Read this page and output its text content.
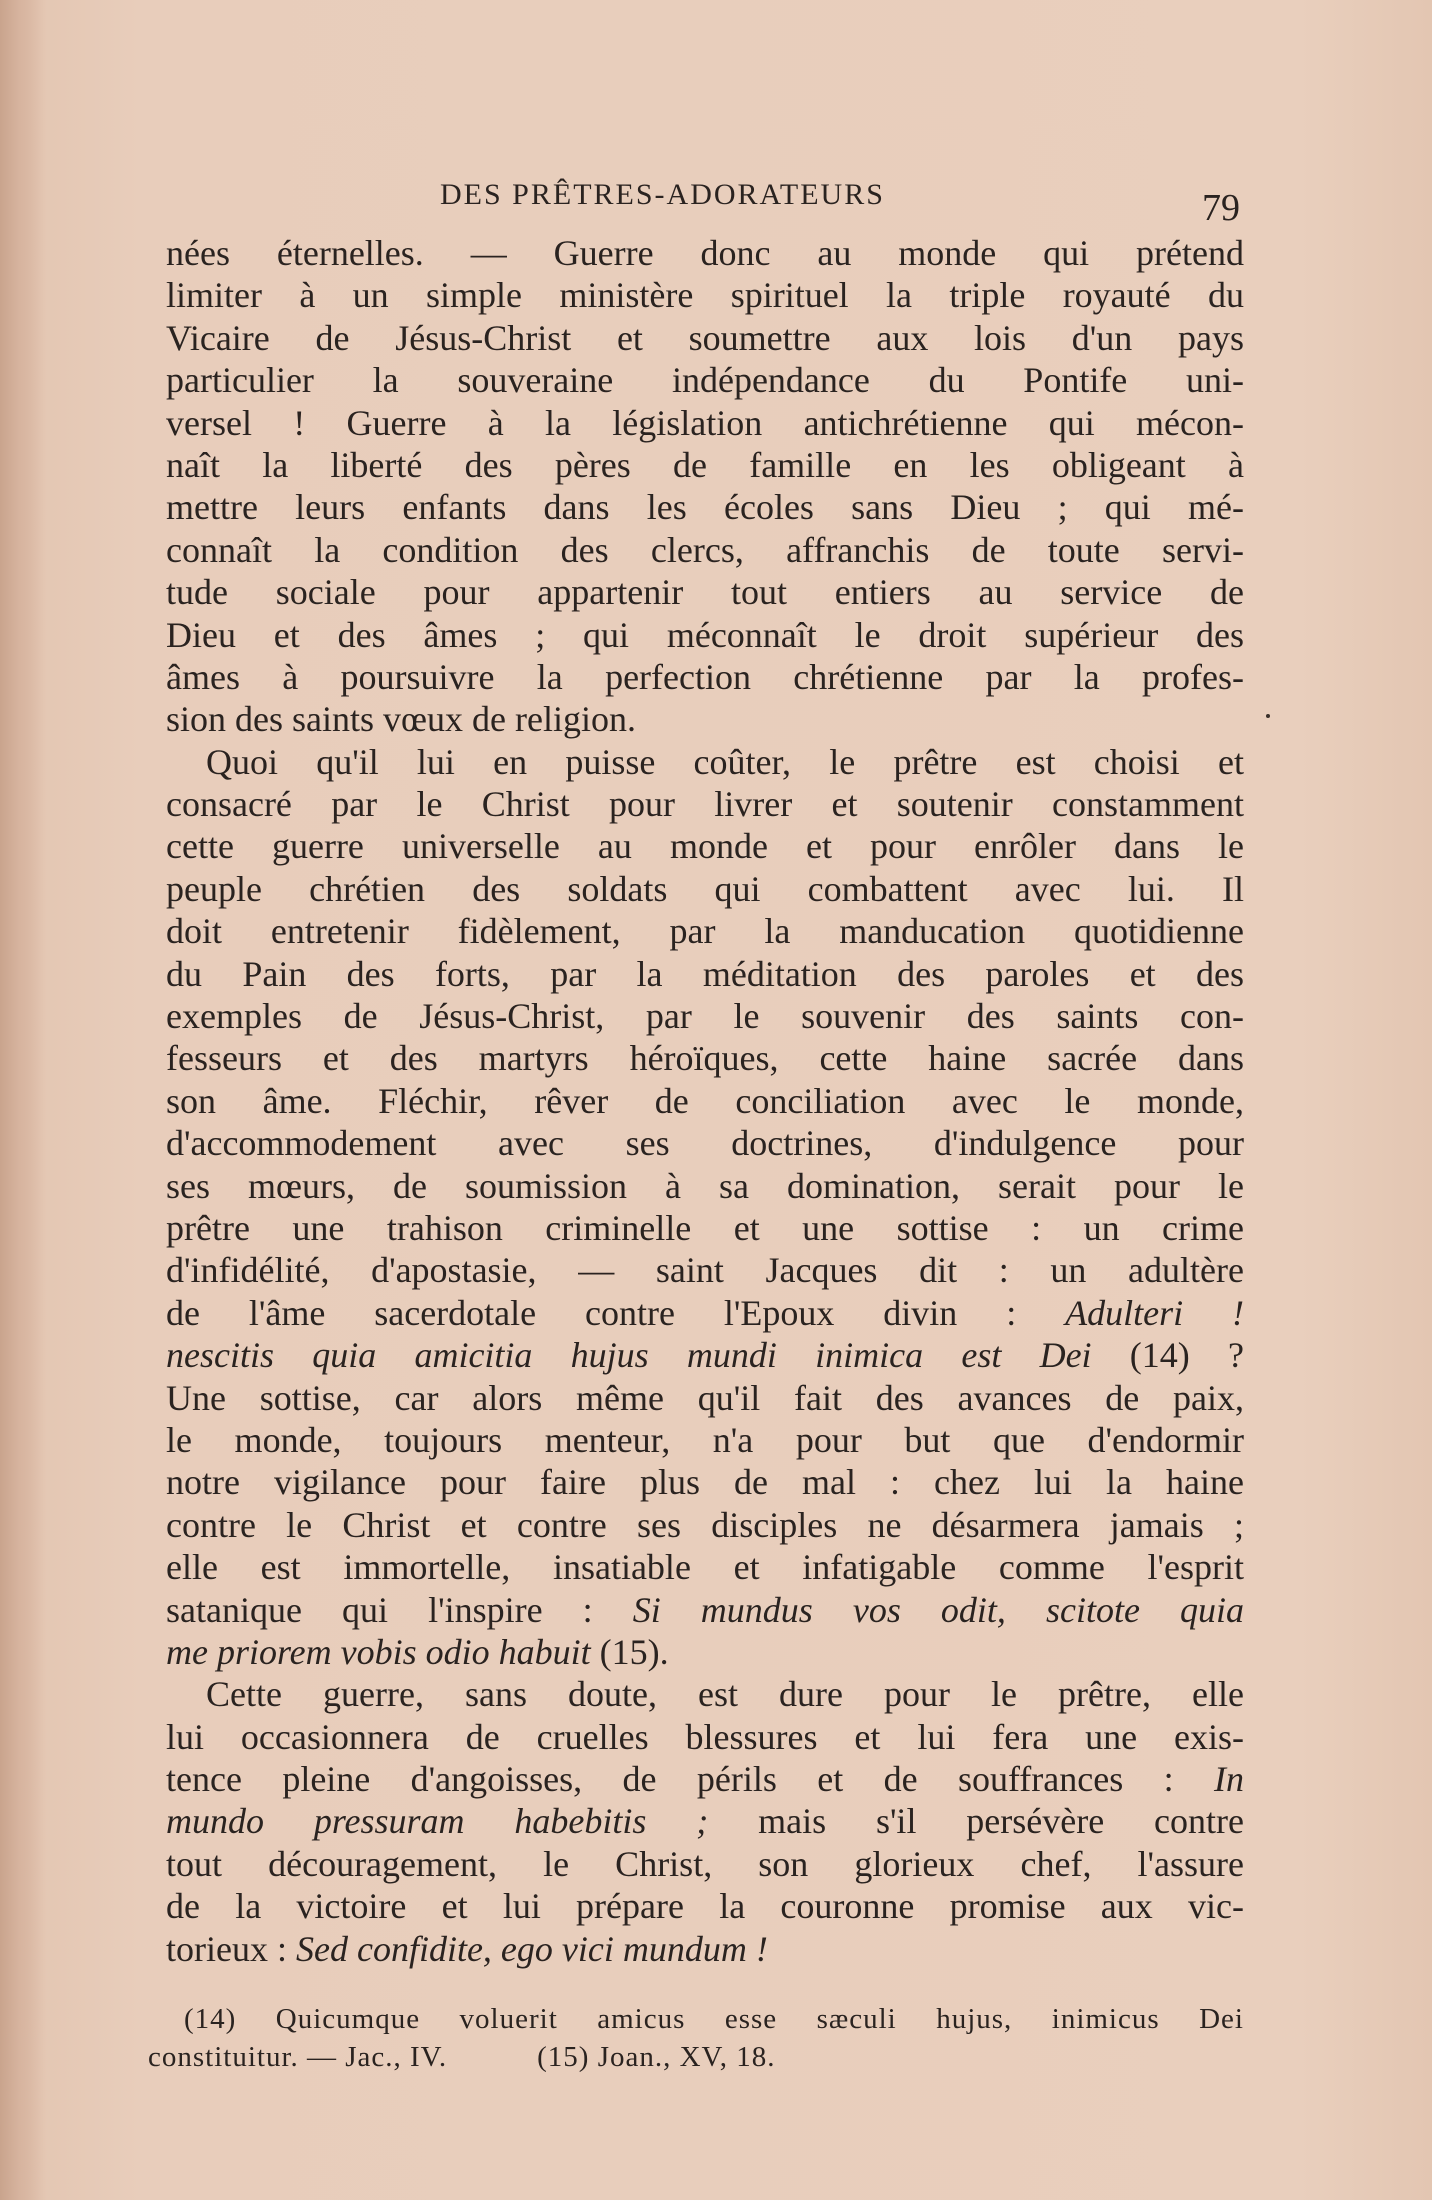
DES PRÊTRES-ADORATEURS	79
nées éternelles. — Guerre donc au monde qui prétend
limiter à un simple ministère spirituel la triple royauté du
Vicaire de Jésus-Christ et soumettre aux lois d'un pays
particulier la souveraine indépendance du Pontife uni-
versel ! Guerre à la législation antichrétienne qui mécon-
naît la liberté des pères de famille en les obligeant à
mettre leurs enfants dans les écoles sans Dieu ; qui mé-
connaît la condition des clercs, affranchis de toute servi-
tude sociale pour appartenir tout entiers au service de
Dieu et des âmes ; qui méconnaît le droit supérieur des
âmes à poursuivre la perfection chrétienne par la profes-
sion des saints vœux de religion.
Quoi qu'il lui en puisse coûter, le prêtre est choisi et
consacré par le Christ pour livrer et soutenir constamment
cette guerre universelle au monde et pour enrôler dans le
peuple chrétien des soldats qui combattent avec lui. Il
doit entretenir fidèlement, par la manducation quotidienne
du Pain des forts, par la méditation des paroles et des
exemples de Jésus-Christ, par le souvenir des saints con-
fesseurs et des martyrs héroïques, cette haine sacrée dans
son âme. Fléchir, rêver de conciliation avec le monde,
d'accommodement avec ses doctrines, d'indulgence pour
ses mœurs, de soumission à sa domination, serait pour le
prêtre une trahison criminelle et une sottise : un crime
d'infidélité, d'apostasie, — saint Jacques dit : un adultère
de l'âme sacerdotale contre l'Epoux divin : Adulteri !
nescitis quia amicitia hujus mundi inimica est Dei (14) ?
Une sottise, car alors même qu'il fait des avances de paix,
le monde, toujours menteur, n'a pour but que d'endormir
notre vigilance pour faire plus de mal : chez lui la haine
contre le Christ et contre ses disciples ne désarmera jamais ;
elle est immortelle, insatiable et infatigable comme l'esprit
satanique qui l'inspire : Si mundus vos odit, scitote quia
me priorem vobis odio habuit (15).
Cette guerre, sans doute, est dure pour le prêtre, elle
lui occasionnera de cruelles blessures et lui fera une exis-
tence pleine d'angoisses, de périls et de souffrances : In
mundo pressuram habebitis ; mais s'il persévère contre
tout découragement, le Christ, son glorieux chef, l'assure
de la victoire et lui prépare la couronne promise aux vic-
torieux : Sed confidite, ego vici mundum !
(14) Quicumque voluerit amicus esse sæculi hujus, inimicus Dei
constituitur. — Jac., IV.	(15) Joan., XV, 18.
